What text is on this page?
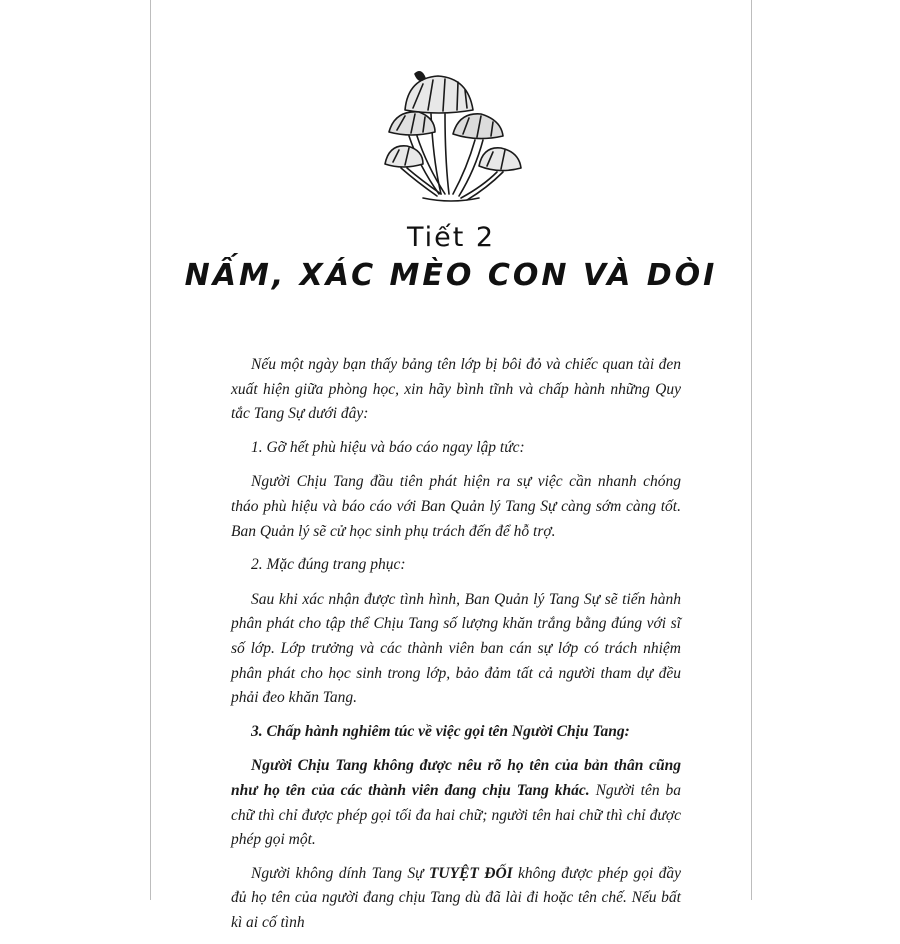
Tiết 2
NẤM, XÁC MÈO CON VÀ DÒI

Nếu một ngày bạn thấy bảng tên lớp bị bôi đỏ và chiếc quan tài đen xuất hiện giữa phòng học, xin hãy bình tĩnh và chấp hành những Quy tắc Tang Sự dưới đây:

1. Gỡ hết phù hiệu và báo cáo ngay lập tức:

Người Chịu Tang đầu tiên phát hiện ra sự việc cần nhanh chóng tháo phù hiệu và báo cáo với Ban Quản lý Tang Sự càng sớm càng tốt. Ban Quản lý sẽ cử học sinh phụ trách đến để hỗ trợ.

2. Mặc đúng trang phục:

Sau khi xác nhận được tình hình, Ban Quản lý Tang Sự sẽ tiến hành phân phát cho tập thể Chịu Tang số lượng khăn trắng bằng đúng với sĩ số lớp. Lớp trưởng và các thành viên ban cán sự lớp có trách nhiệm phân phát cho học sinh trong lớp, bảo đảm tất cả người tham dự đều phải đeo khăn Tang.

3. Chấp hành nghiêm túc về việc gọi tên Người Chịu Tang:

Người Chịu Tang không được nêu rõ họ tên của bản thân cũng như họ tên của các thành viên đang chịu Tang khác. Người tên ba chữ thì chỉ được phép gọi tối đa hai chữ; người tên hai chữ thì chỉ được phép gọi một.

Người không dính Tang Sự TUYỆT ĐỐI không được phép gọi đầy đủ họ tên của người đang chịu Tang dù đã lài đi hoặc tên chế. Nếu bất kì ai cố tình
